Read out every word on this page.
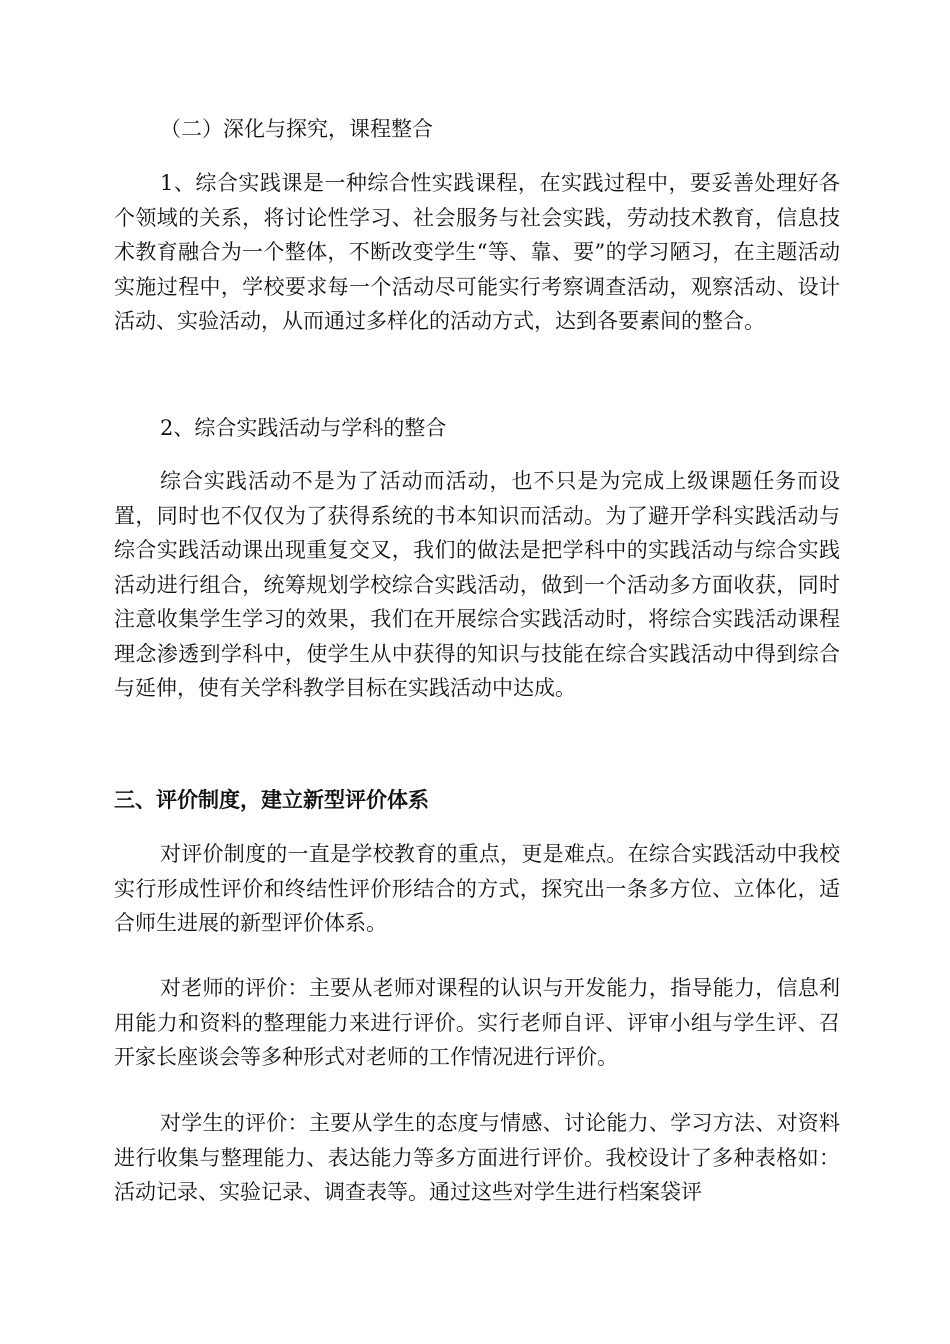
（二）深化与探究，课程整合

1、综合实践课是一种综合性实践课程，在实践过程中，要妥善处理好各个领域的关系，将讨论性学习、社会服务与社会实践，劳动技术教育，信息技术教育融合为一个整体，不断改变学生“等、靠、要”的学习陋习，在主题活动实施过程中，学校要求每一个活动尽可能实行考察调查活动，观察活动、设计活动、实验活动，从而通过多样化的活动方式，达到各要素间的整合。

2、综合实践活动与学科的整合

综合实践活动不是为了活动而活动，也不只是为完成上级课题任务而设置，同时也不仅仅为了获得系统的书本知识而活动。为了避开学科实践活动与综合实践活动课出现重复交叉，我们的做法是把学科中的实践活动与综合实践活动进行组合，统筹规划学校综合实践活动，做到一个活动多方面收获，同时注意收集学生学习的效果，我们在开展综合实践活动时，将综合实践活动课程理念渗透到学科中，使学生从中获得的知识与技能在综合实践活动中得到综合与延伸，使有关学科教学目标在实践活动中达成。

三、评价制度，建立新型评价体系

对评价制度的一直是学校教育的重点，更是难点。在综合实践活动中我校实行形成性评价和终结性评价形结合的方式，探究出一条多方位、立体化，适合师生进展的新型评价体系。

对老师的评价：主要从老师对课程的认识与开发能力，指导能力，信息利用能力和资料的整理能力来进行评价。实行老师自评、评审小组与学生评、召开家长座谈会等多种形式对老师的工作情况进行评价。

对学生的评价：主要从学生的态度与情感、讨论能力、学习方法、对资料进行收集与整理能力、表达能力等多方面进行评价。我校设计了多种表格如：活动记录、实验记录、调查表等。通过这些对学生进行档案袋评
